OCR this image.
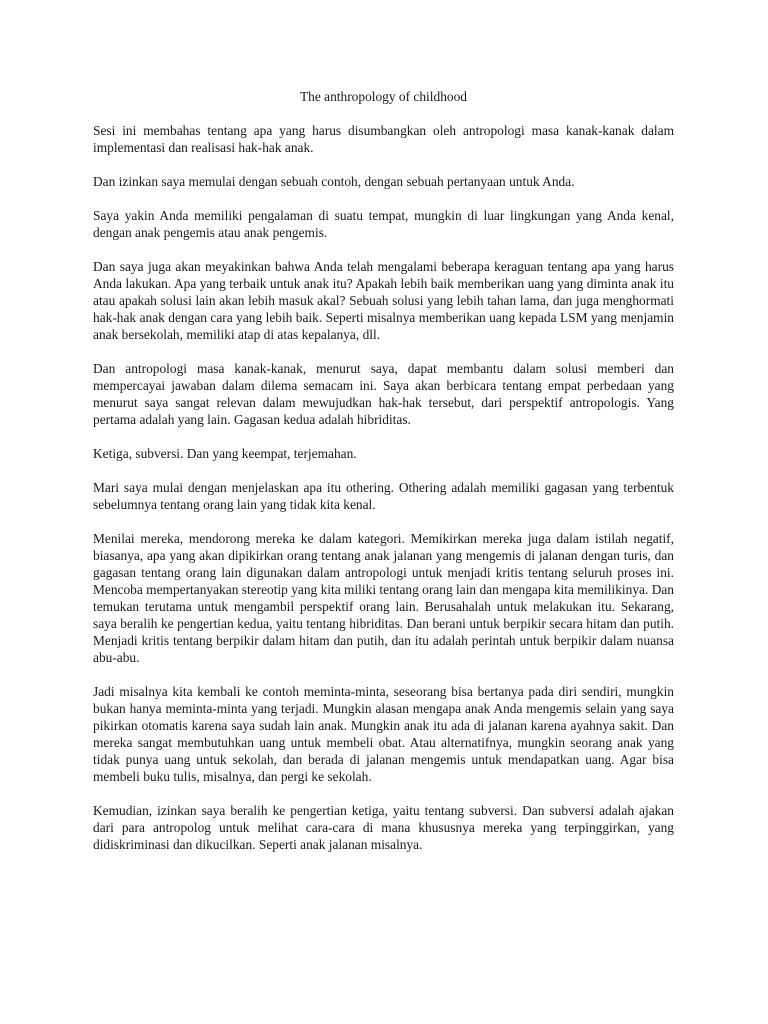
The anthropology of childhood

Sesi ini membahas tentang apa yang harus disumbangkan oleh antropologi masa kanak-kanak dalam implementasi dan realisasi hak-hak anak.

Dan izinkan saya memulai dengan sebuah contoh, dengan sebuah pertanyaan untuk Anda.

Saya yakin Anda memiliki pengalaman di suatu tempat, mungkin di luar lingkungan yang Anda kenal, dengan anak pengemis atau anak pengemis.

Dan saya juga akan meyakinkan bahwa Anda telah mengalami beberapa keraguan tentang apa yang harus Anda lakukan. Apa yang terbaik untuk anak itu? Apakah lebih baik memberikan uang yang diminta anak itu atau apakah solusi lain akan lebih masuk akal? Sebuah solusi yang lebih tahan lama, dan juga menghormati hak-hak anak dengan cara yang lebih baik. Seperti misalnya memberikan uang kepada LSM yang menjamin anak bersekolah, memiliki atap di atas kepalanya, dll.

Dan antropologi masa kanak-kanak, menurut saya, dapat membantu dalam solusi memberi dan mempercayai jawaban dalam dilema semacam ini. Saya akan berbicara tentang empat perbedaan yang menurut saya sangat relevan dalam mewujudkan hak-hak tersebut, dari perspektif antropologis. Yang pertama adalah yang lain. Gagasan kedua adalah hibriditas.

Ketiga, subversi. Dan yang keempat, terjemahan.

Mari saya mulai dengan menjelaskan apa itu othering. Othering adalah memiliki gagasan yang terbentuk sebelumnya tentang orang lain yang tidak kita kenal.

Menilai mereka, mendorong mereka ke dalam kategori. Memikirkan mereka juga dalam istilah negatif, biasanya, apa yang akan dipikirkan orang tentang anak jalanan yang mengemis di jalanan dengan turis, dan gagasan tentang orang lain digunakan dalam antropologi untuk menjadi kritis tentang seluruh proses ini. Mencoba mempertanyakan stereotip yang kita miliki tentang orang lain dan mengapa kita memilikinya. Dan temukan terutama untuk mengambil perspektif orang lain. Berusahalah untuk melakukan itu. Sekarang, saya beralih ke pengertian kedua, yaitu tentang hibriditas. Dan berani untuk berpikir secara hitam dan putih. Menjadi kritis tentang berpikir dalam hitam dan putih, dan itu adalah perintah untuk berpikir dalam nuansa abu-abu.

Jadi misalnya kita kembali ke contoh meminta-minta, seseorang bisa bertanya pada diri sendiri, mungkin bukan hanya meminta-minta yang terjadi. Mungkin alasan mengapa anak Anda mengemis selain yang saya pikirkan otomatis karena saya sudah lain anak. Mungkin anak itu ada di jalanan karena ayahnya sakit. Dan mereka sangat membutuhkan uang untuk membeli obat. Atau alternatifnya, mungkin seorang anak yang tidak punya uang untuk sekolah, dan berada di jalanan mengemis untuk mendapatkan uang. Agar bisa membeli buku tulis, misalnya, dan pergi ke sekolah.

Kemudian, izinkan saya beralih ke pengertian ketiga, yaitu tentang subversi. Dan subversi adalah ajakan dari para antropolog untuk melihat cara-cara di mana khususnya mereka yang terpinggirkan, yang didiskriminasi dan dikucilkan. Seperti anak jalanan misalnya.
